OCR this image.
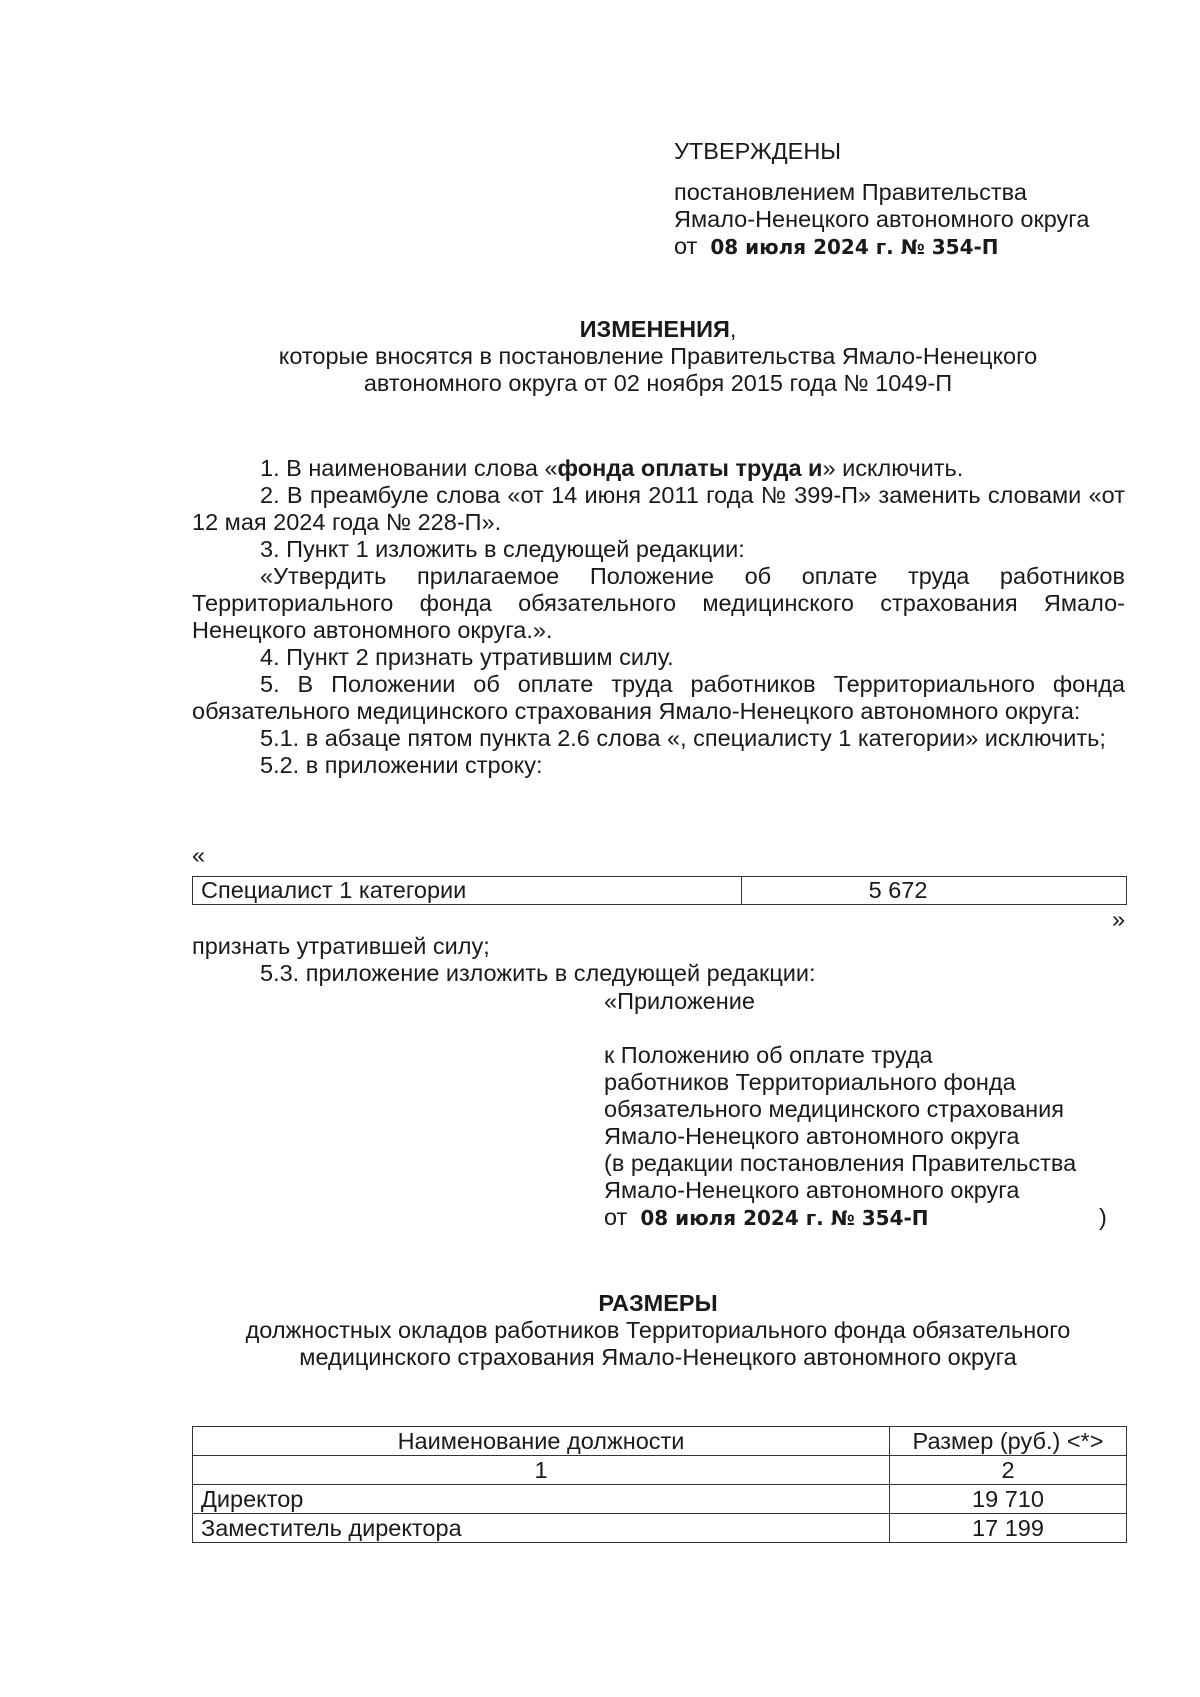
УТВЕРЖДЕНЫ
постановлением Правительства
Ямало-Ненецкого автономного округа
от 08 июля 2024 г. № 354-П
ИЗМЕНЕНИЯ,
которые вносятся в постановление Правительства Ямало-Ненецкого
автономного округа от 02 ноября 2015 года № 1049-П

1. В наименовании слова «фонда оплаты труда и» исключить.

2. В преамбуле слова «от 14 июня 2011 года № 399-П» заменить словами «от 12 мая 2024 года № 228-П».

3. Пункт 1 изложить в следующей редакции:

«Утвердить прилагаемое Положение об оплате труда работников Территориального фонда обязательного медицинского страхования Ямало-Ненецкого автономного округа.».

4. Пункт 2 признать утратившим силу.

5. В Положении об оплате труда работников Территориального фонда обязательного медицинского страхования Ямало-Ненецкого автономного округа:

5.1. в абзаце пятом пункта 2.6 слова «, специалисту 1 категории» исключить;

5.2. в приложении строку:

«
Специалист 1 категории	5 672
»

признать утратившей силу;

5.3. приложение изложить в следующей редакции:

«Приложение
к Положению об оплате труда
работников Территориального фонда
обязательного медицинского страхования
Ямало-Ненецкого автономного округа
(в редакции постановления Правительства
Ямало-Ненецкого автономного округа
от 08 июля 2024 г. № 354-П	)
РАЗМЕРЫ
должностных окладов работников Территориального фонда обязательного
медицинского страхования Ямало-Ненецкого автономного округа
Наименование должности	Размер (руб.) <*>
1	2
Директор	19 710
Заместитель директора	17 199
